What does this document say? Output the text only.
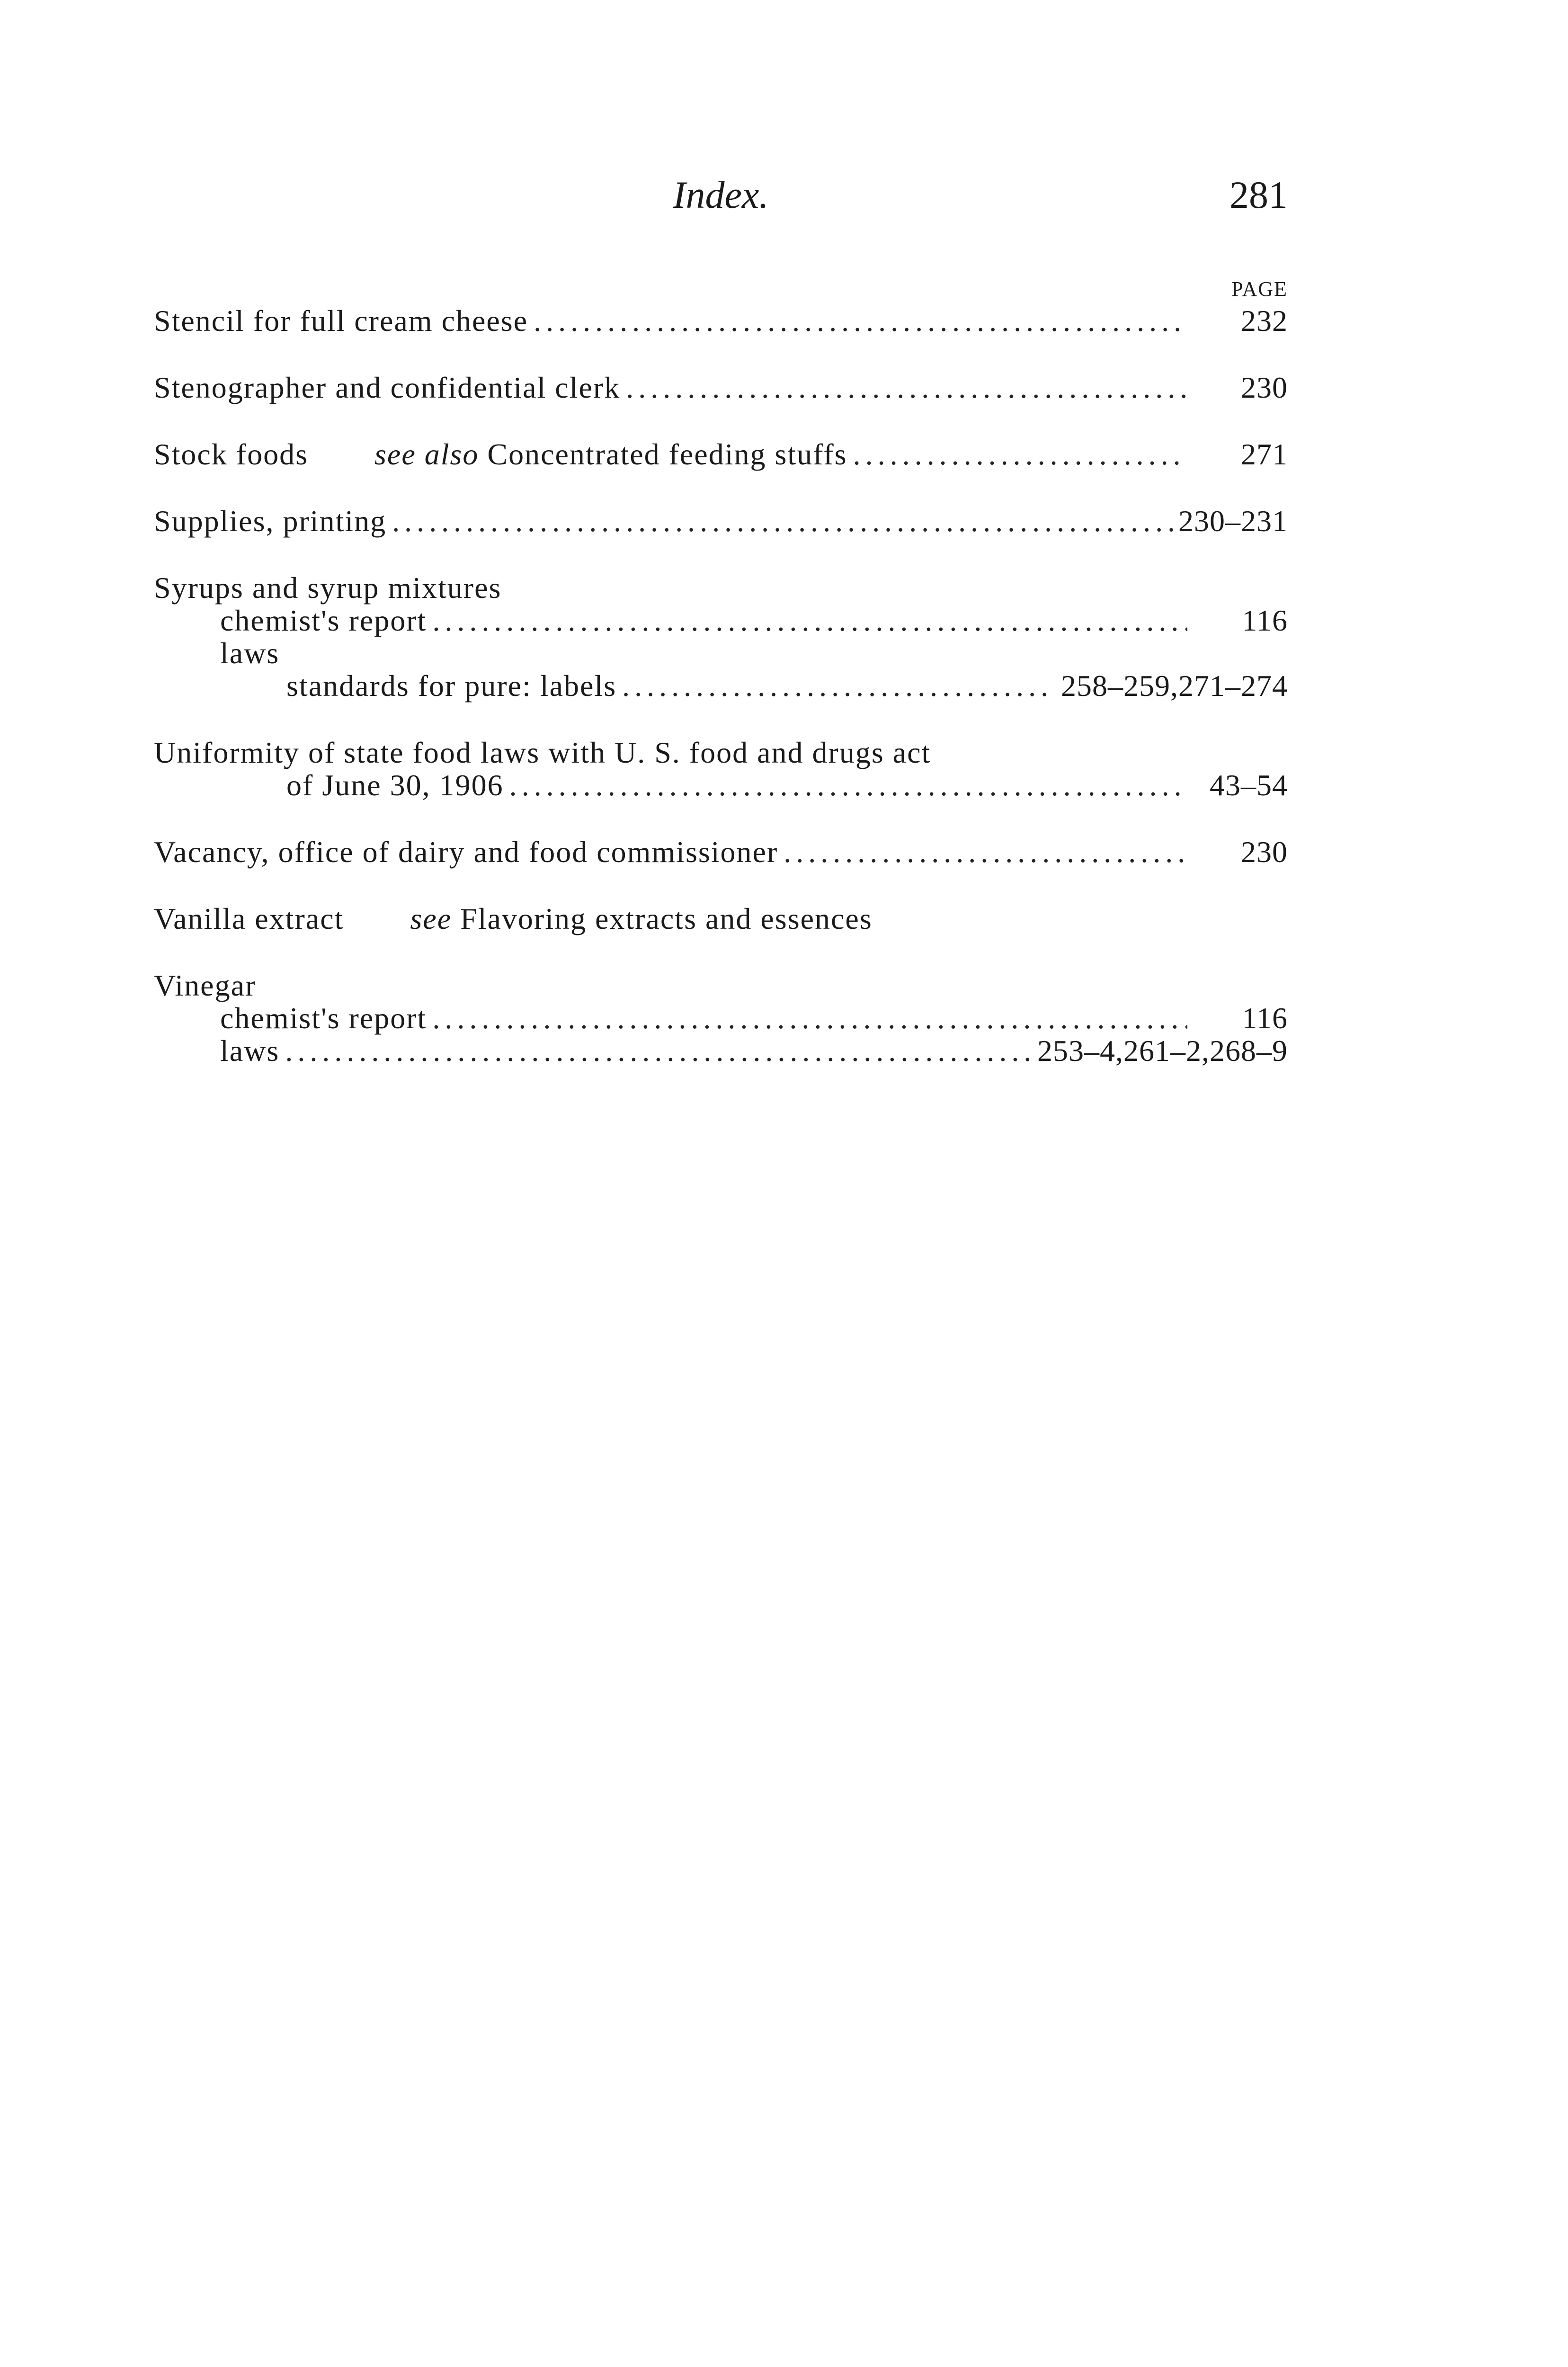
Index.	281
PAGE
Stencil for full cream cheese .....	232
Stenographer and confidential clerk .....	230
Stock foods see also Concentrated feeding stuffs .....	271
Supplies, printing .....	230–231
Syrups and syrup mixtures
chemist's report .....	116
laws
standards for pure: labels .....	258–259,271–274
Uniformity of state food laws with U. S. food and drugs act
of June 30, 1906 .....	43–54
Vacancy, office of dairy and food commissioner .....	230
Vanilla extract see Flavoring extracts and essences
Vinegar
chemist's report .....	116
laws .....	253–4,261–2,268–9
